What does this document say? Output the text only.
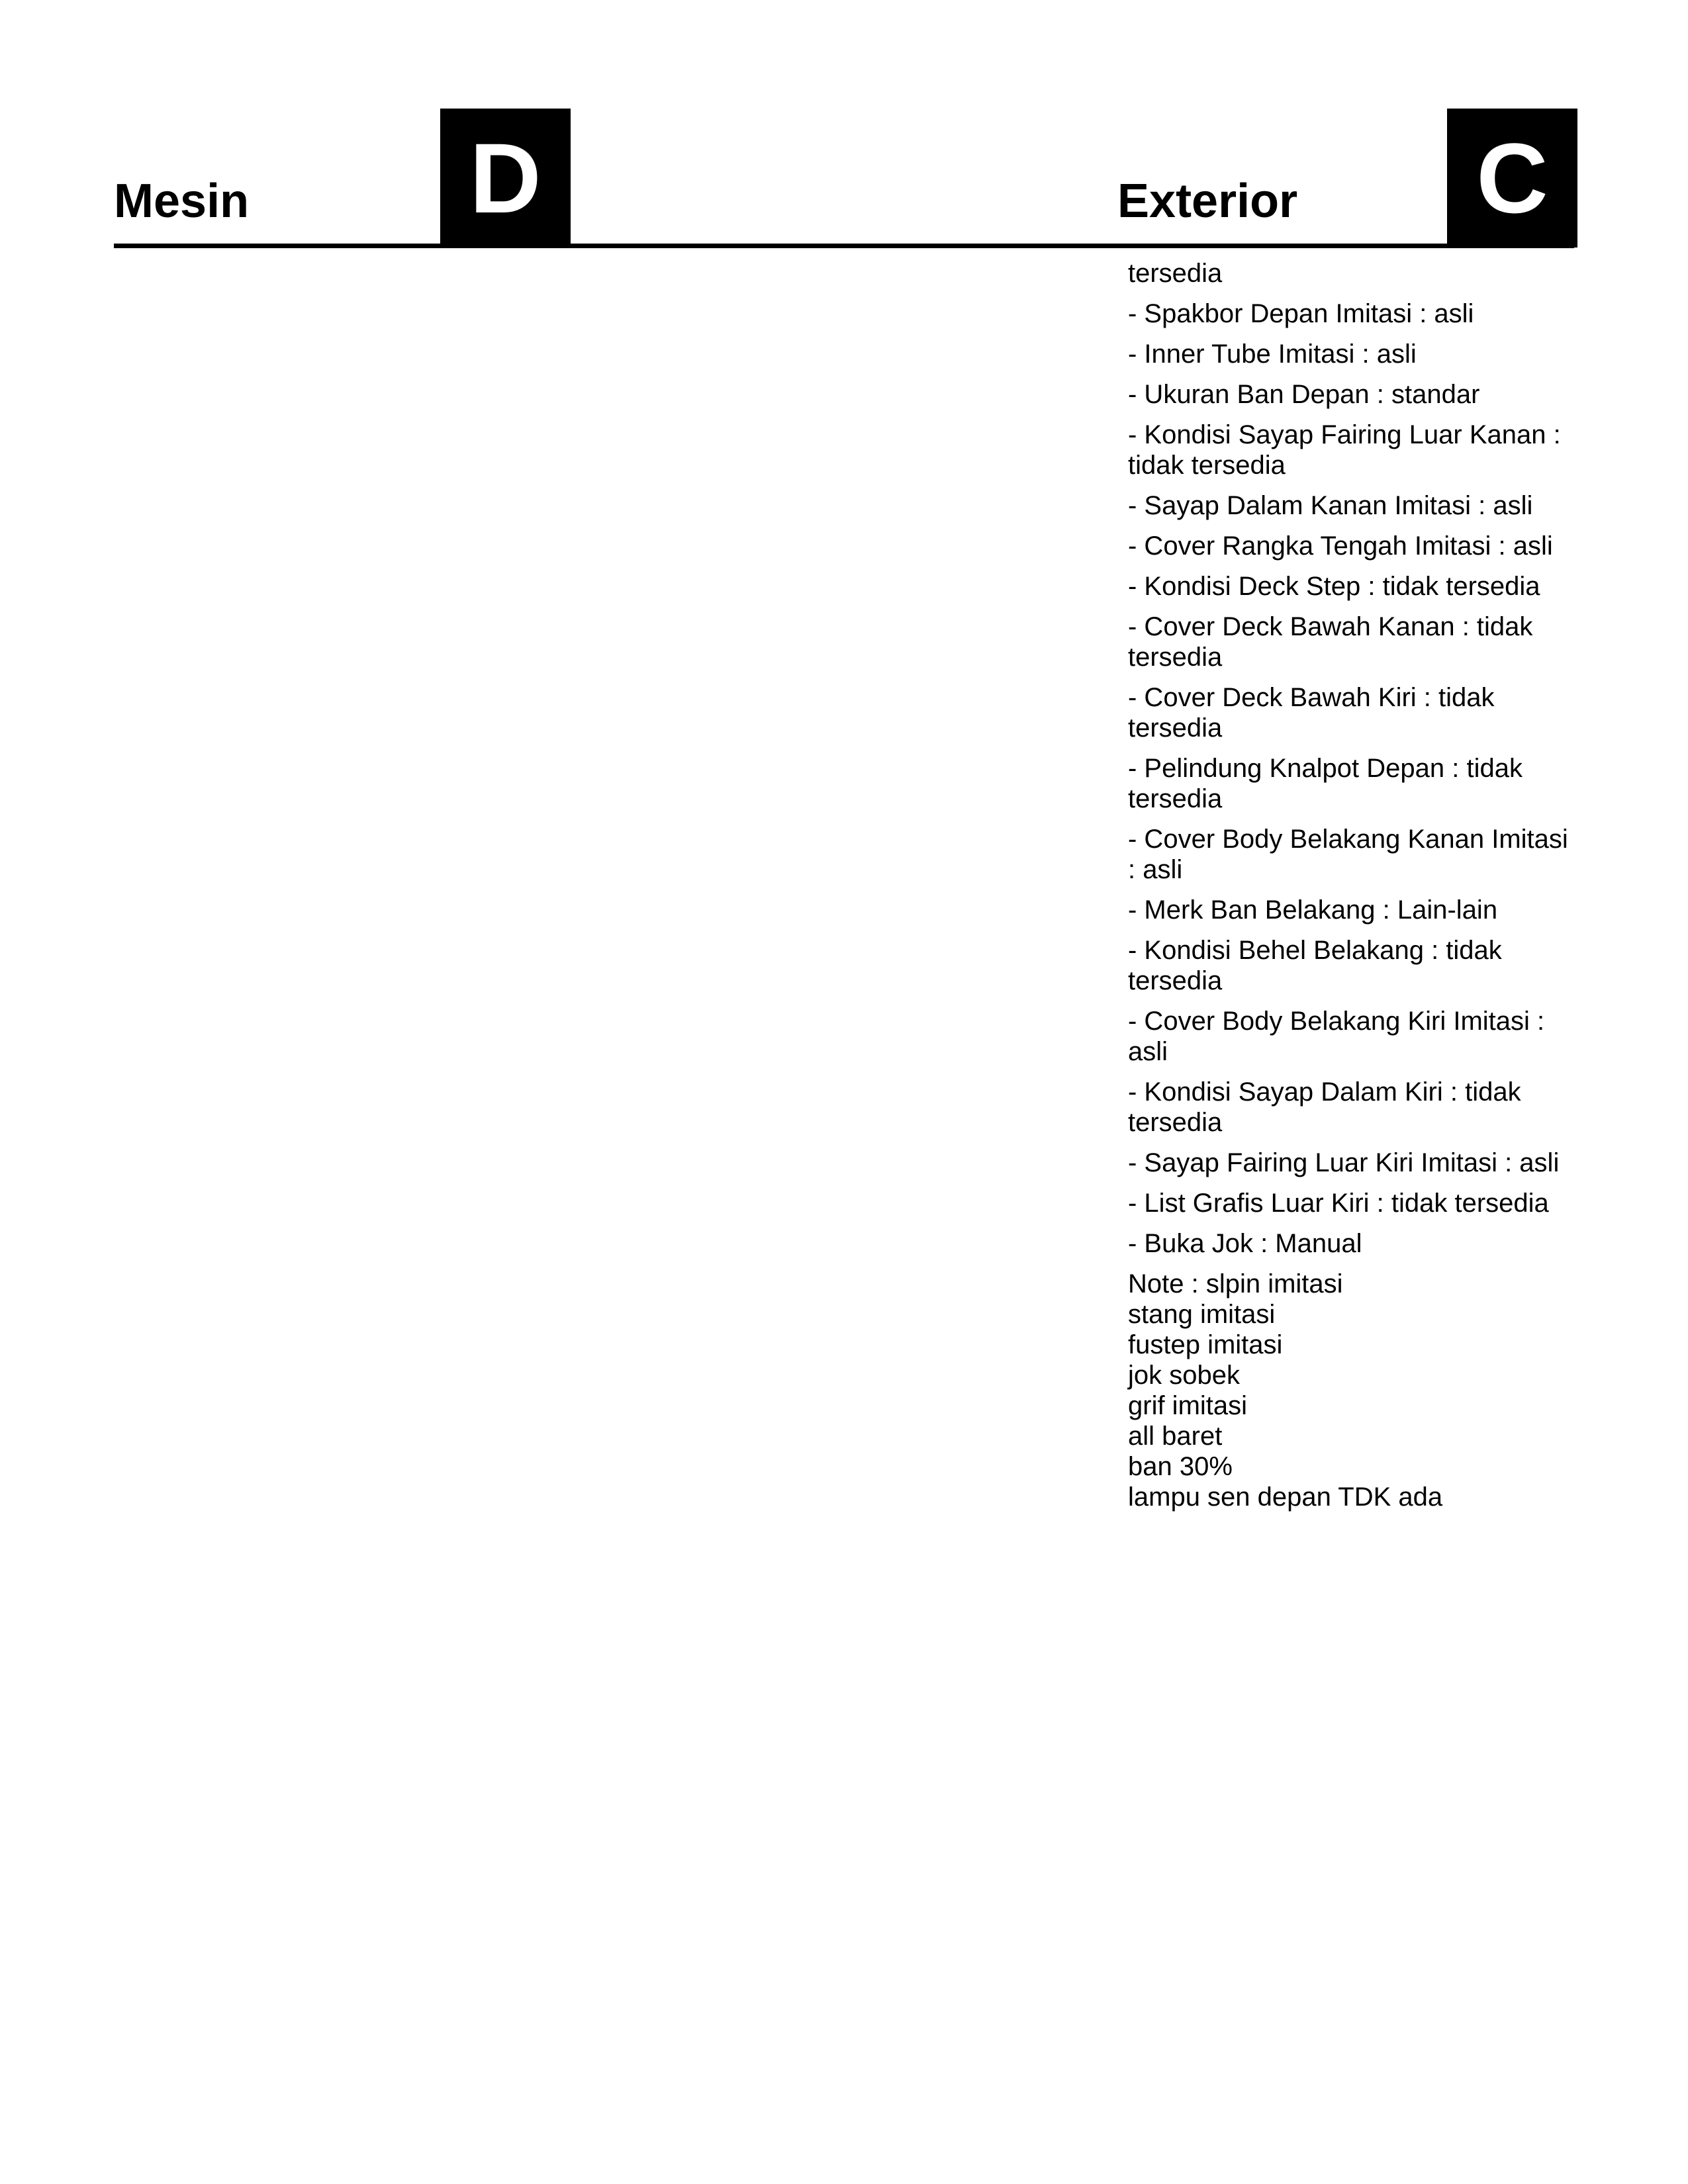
Mesin D	Exterior C

tersedia

- Spakbor Depan Imitasi : asli

- Inner Tube Imitasi : asli

- Ukuran Ban Depan : standar

- Kondisi Sayap Fairing Luar Kanan : tidak tersedia

- Sayap Dalam Kanan Imitasi : asli

- Cover Rangka Tengah Imitasi : asli

- Kondisi Deck Step : tidak tersedia

- Cover Deck Bawah Kanan : tidak tersedia

- Cover Deck Bawah Kiri : tidak tersedia

- Pelindung Knalpot Depan : tidak tersedia

- Cover Body Belakang Kanan Imitasi : asli

- Merk Ban Belakang : Lain-lain

- Kondisi Behel Belakang : tidak tersedia

- Cover Body Belakang Kiri Imitasi : asli

- Kondisi Sayap Dalam Kiri : tidak tersedia

- Sayap Fairing Luar Kiri Imitasi : asli

- List Grafis Luar Kiri : tidak tersedia

- Buka Jok : Manual

Note : slpin imitasi

stang imitasi

fustep imitasi

jok sobek

grif imitasi

all baret

ban 30%

lampu sen depan TDK ada
